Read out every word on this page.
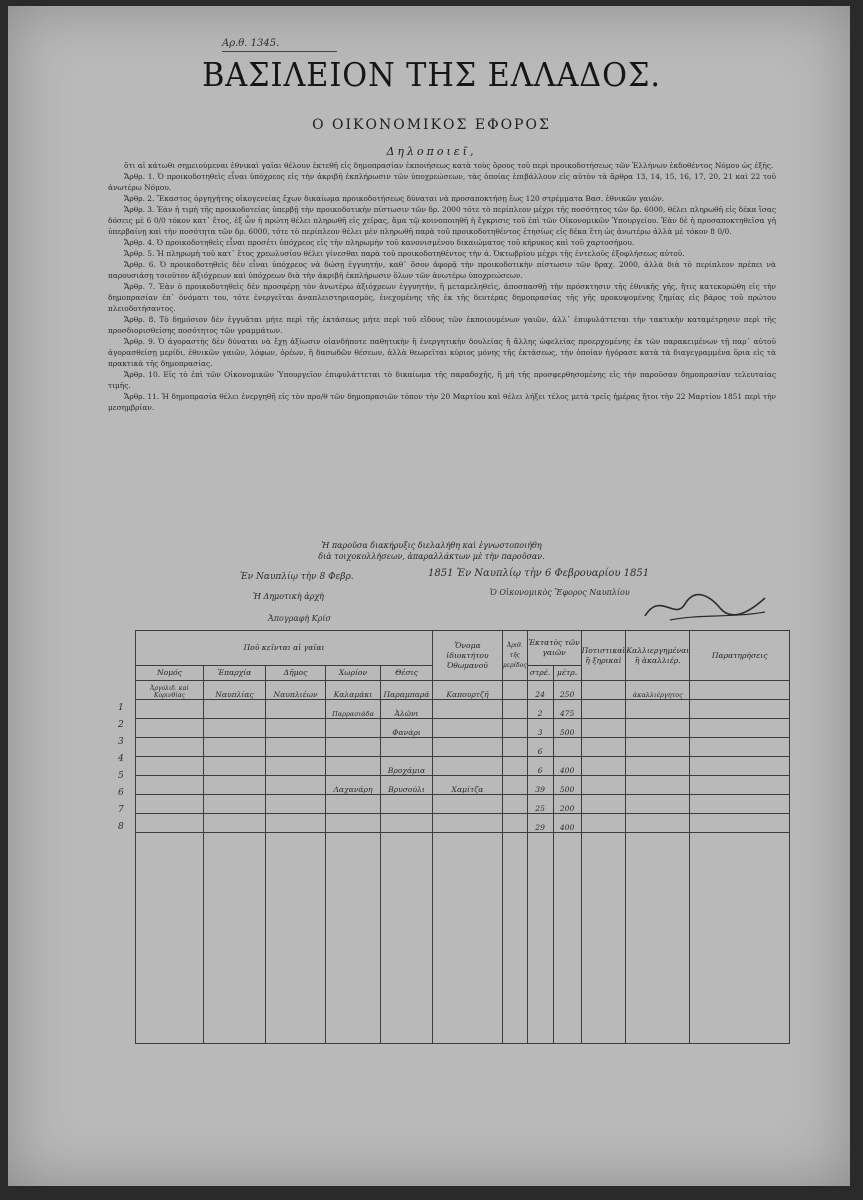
Αρ.θ. 1345.
ΒΑΣΙΛΕΙΟΝ ΤΗΣ ΕΛΛΑΔΟΣ.
Ο ΟΙΚΟΝΟΜΙΚΟΣ ΕΦΟΡΟΣ
Δηλοποιεῖ,

ὅτι αἱ κάτωθι σημειούμεναι ἐθνικαὶ γαῖαι θέλουν ἐκτεθῆ εἰς δημοπρασίαν ἐκποιήσεως κατὰ τοὺς ὅρους τοῦ περὶ προικοδοτήσεως τῶν Ἑλλήνων ἐκδοθέντος Νόμου ὡς ἑξῆς.

Ἄρθρ. 1. Ὁ προικοδοτηθεὶς εἶναι ὑπόχρεος εἰς τὴν ἀκριβῆ ἐκπλήρωσιν τῶν ὑποχρεώσεων, τὰς ὁποίας ἐπιβάλλουν εἰς αὐτὸν τὰ ἄρθρα 13, 14, 15, 16, 17, 20, 21 καὶ 22 τοῦ ἀνωτέρω Νόμου.

Ἄρθρ. 2. Ἕκαστος ὁργηγήτης οἰκογενείας ἔχων δικαίωμα προικοδοτήσεως δύναται νὰ προσαποκτήσῃ ἕως 120 στρέμματα Βασ. ἐθνικῶν γαιῶν.

Ἄρθρ. 3. Ἐὰν ἡ τιμὴ τῆς προικοδοτείας ὑπερβῇ τὴν προικοδοτικὴν πίστωσιν τῶν δρ. 2000 τότε τὸ περίπλεον μέχρι τῆς ποσότητος τῶν δρ. 6000, θέλει πληρωθῆ εἰς δέκα ἴσας δόσεις μὲ 6 0/0 τόκον κατ᾿ ἔτος, ἐξ ὧν ἡ πρώτη θέλει πληρωθῆ εἰς χεῖρας, ἅμα τῷ κοινοποιηθῆ ἡ ἔγκρισις τοῦ ἐπὶ τῶν Οἰκονομικῶν Ὑπουργείου. Ἐὰν δὲ ἡ προσαποκτηθεῖσα γῆ ὑπερβαίνῃ καὶ τὴν ποσότητα τῶν δρ. 6000, τότε τὸ περίπλεον θέλει μὲν πληρωθῆ παρὰ τοῦ προικοδοτηθέντος ἐτησίως εἰς δέκα ἔτη ὡς ἀνωτέρω ἀλλὰ μὲ τόκον 8 0/0.

Ἄρθρ. 4. Ὁ προικοδοτηθεὶς εἶναι προσέτι ὑπόχρεος εἰς τὴν πληρωμὴν τοῦ κανονισμένου δικαιώματος τοῦ κήρυκος καὶ τοῦ χαρτοσήμου.

Ἄρθρ. 5. Ἡ πληρωμὴ τοῦ κατ᾿ ἔτος χρεωλυσίου θέλει γίνεσθαι παρὰ τοῦ προικοδοτηθέντος τὴν ά. Ὀκτωβρίου μέχρι τῆς ἐντελοῦς ἐξοφλήσεως αὐτοῦ.

Ἄρθρ. 6. Ὁ προικοδοτηθεὶς δὲν εἶναι ὑπόχρεος νὰ δώσῃ ἐγγυητήν, καθ᾿ ὅσον ἀφορᾷ τὴν προικοδοτικὴν πίστωσιν τῶν δραχ. 2000, ἀλλὰ διὰ τὸ περίπλεον πρέπει νὰ παρουσιάσῃ τοιοῦτον ἀξιόχρεων καὶ ὑπόχρεων διὰ τὴν ἀκριβῆ ἐκπλήρωσιν ὅλων τῶν ἀνωτέρω ὑποχρεώσεων.

Ἄρθρ. 7. Ἐὰν ὁ προικοδοτηθεὶς δὲν προσφέρῃ τὸν ἀνωτέρω ἀξιόχρεων ἐγγυητήν, ἢ μεταμεληθεὶς, ἀποσπασθῇ τὴν πρόσκτησιν τῆς ἐθνικῆς γῆς, ἥτις κατεκυρώθη εἰς τὴν δημοπρασίαν ἐπ᾿ ὀνόματι του, τότε ἐνεργεῖται ἀναπλειστηριασμὸς, ἐνεχομένης τῆς ἐκ τῆς δευτέρας δημοπρασίας τῆς γῆς προκυψομένης ζημίας εἰς βάρος τοῦ πρώτου πλειοδοτήσαντος.

Ἄρθρ. 8. Τὸ δημόσιον δὲν ἐγγυᾶται μήτε περὶ τῆς ἐκτάσεως μήτε περὶ τοῦ εἴδους τῶν ἐκποιουμένων γαιῶν, ἀλλ᾿ ἐπιφυλάττεται τὴν τακτικὴν καταμέτρησιν περὶ τῆς προσδιορισθείσης ποσότητος τῶν γραμμάτων.

Ἄρθρ. 9. Ὁ ἀγοραστὴς δὲν δύναται νὰ ἔχῃ ἀξίωσιν οἱανδήποτε παθητικὴν ἢ ἐνεργητικὴν δουλείας ἢ ἄλλης ὠφελείας προερχομένης ἐκ τῶν παρακειμένων τῇ παρ᾿ αὐτοῦ ἀγορασθείσῃ μερίδι, ἐθνικῶν γαιῶν, λόφων, ὀρέων, ἢ δασωδῶν θέσεων, ἀλλὰ θεωρεῖται κύριος μόνης τῆς ἐκτάσεως, τὴν ὁποίαν ἠγόρασε κατὰ τὰ διαγεγραμμένα ὅρια εἰς τὰ πρακτικὰ τῆς δημοπρασίας.

Ἄρθρ. 10. Εἰς τὸ ἐπὶ τῶν Οἰκονομικῶν Ὑπουργεῖον ἐπιφυλάττεται τὸ δικαίωμα τῆς παραδοχῆς, ἢ μὴ τῆς προσφερθησομένης εἰς τὴν παροῦσαν δημοπρασίαν τελευταίας τιμῆς.

Ἄρθρ. 11. Ἡ δημοπρασία θέλει ἐνεργηθῆ εἰς τὸν προ/θ τῶν δημοπρασιῶν τόπον τὴν 20 Μαρτίου καὶ θέλει λήξει τέλος μετὰ τρεῖς ἡμέρας ἤτοι τὴν 22 Μαρτίου 1851 περὶ τὴν μεσημβρίαν.

Ἡ παροῦσα διακήρυξις διελαλήθη καὶ ἐγνωστοποιήθη
διὰ τοιχοκολλήσεων, ἀπαραλλάκτων μὲ τὴν παροῦσαν.
Ἐν Ναυπλίῳ τὴν 8 Φεβρ.	1851 Ἐν Ναυπλίῳ τὴν 6 Φεβρουαρίου 1851
Ὁ Οἰκονομικὸς Ἔφορος Ναυπλίου
Ἡ Δημοτικὴ ἀρχὴ
Ἀπογραφὴ Κρίσ
1
2
3
4
5
6
7
8
Ποῦ κεῖνται αἱ γαῖαι					Ὄνομα ἰδιοκτήτου Ὀθωμανοῦ	Ἀριθ. τῆς μερίδος	Ἐκτατὸς τῶν γαιῶν		Ποτιστικαὶ ἢ ξηρικαὶ	Καλλιεργημέναι ἢ ἀκαλλιέρ.	Παρατηρήσεις
Νομός	Ἐπαρχία	Δῆμος	Χωρίον	Θέσις			στρέ.	μέτρ.			
Ἀργολιδ. καὶ Κορινθίας	Ναυπλίας	Ναυπλιέων	Καλαμάκι	Παραμπαρά	Καπουρτζῆ		24	250		ἀκαλλιέργητος	
			Παρρασιάδα	Ἀλῶνι			2	475			
				Φανάρι			3	500			
							6				
				Βροχάμια			6	400			
			Λαχανάρη	Βρυσούλι	Χαμίτζα		39	500			
							25	200			
							29	400			
